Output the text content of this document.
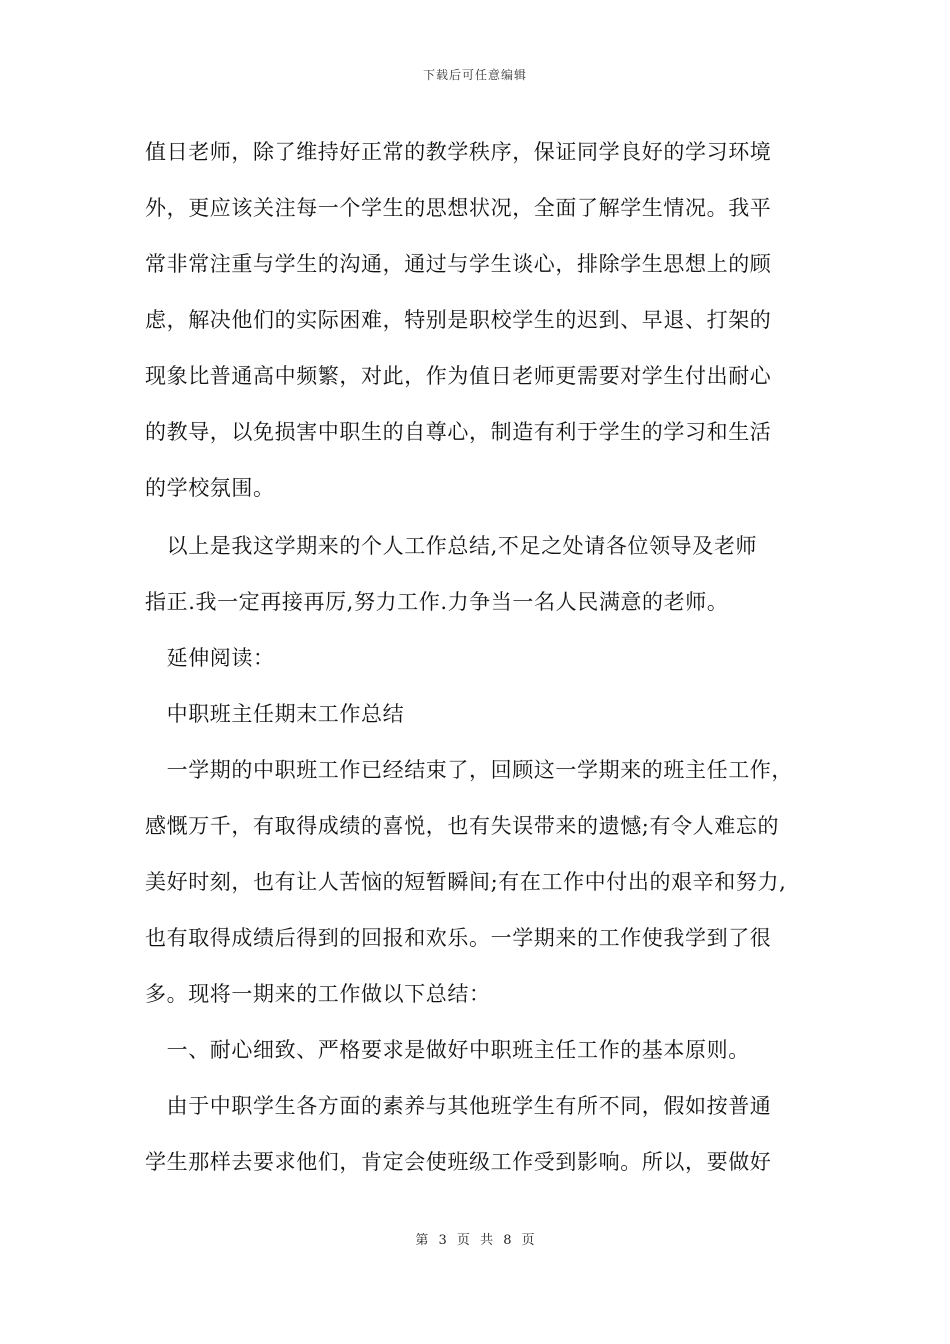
下载后可任意编辑
值日老师，除了维持好正常的教学秩序，保证同学良好的学习环境
外，更应该关注每一个学生的思想状况，全面了解学生情况。我平
常非常注重与学生的沟通，通过与学生谈心，排除学生思想上的顾
虑，解决他们的实际困难，特别是职校学生的迟到、早退、打架的
现象比普通高中频繁，对此，作为值日老师更需要对学生付出耐心
的教导，以免损害中职生的自尊心，制造有利于学生的学习和生活
的学校氛围。
　以上是我这学期来的个人工作总结,不足之处请各位领导及老师
指正.我一定再接再厉,努力工作.力争当一名人民满意的老师。
　延伸阅读：
　中职班主任期末工作总结
　一学期的中职班工作已经结束了，回顾这一学期来的班主任工作，
感慨万千，有取得成绩的喜悦，也有失误带来的遗憾;有令人难忘的
美好时刻，也有让人苦恼的短暂瞬间;有在工作中付出的艰辛和努力,
也有取得成绩后得到的回报和欢乐。一学期来的工作使我学到了很
多。现将一期来的工作做以下总结：
　一、耐心细致、严格要求是做好中职班主任工作的基本原则。
　由于中职学生各方面的素养与其他班学生有所不同，假如按普通
学生那样去要求他们，肯定会使班级工作受到影响。所以，要做好
第 3 页 共 8 页
